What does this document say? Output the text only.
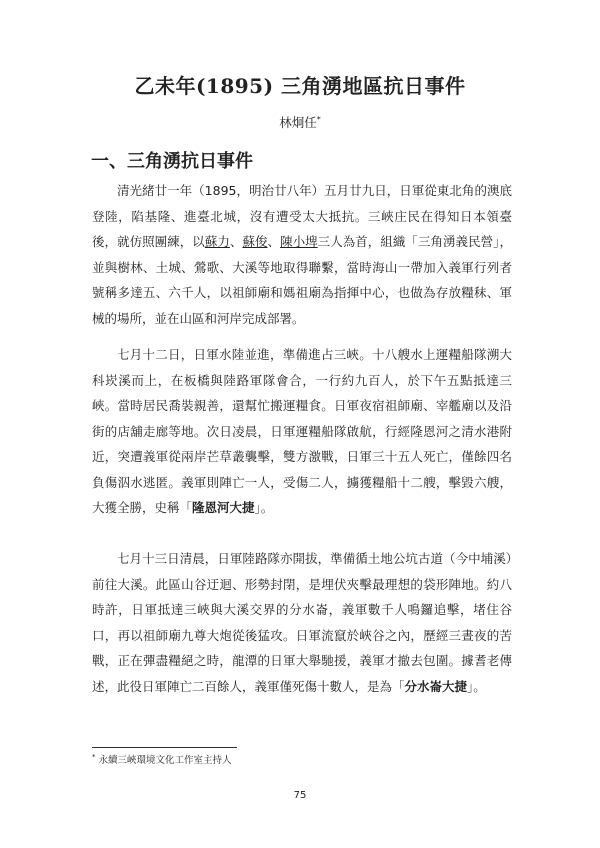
乙未年(1895) 三角湧地區抗日事件
林炯任*
一、三角湧抗日事件

清光緒廿一年（1895，明治廿八年）五月廿九日，日軍從東北角的澳底登陸，陷基隆、進臺北城，沒有遭受太大抵抗。三峽庄民在得知日本領臺後，就仿照團練，以蘇力、蘇俊、陳小埤三人為首，組織「三角湧義民營」，並與樹林、土城、鶯歌、大溪等地取得聯繫，當時海山一帶加入義軍行列者號稱多達五、六千人，以祖師廟和媽祖廟為指揮中心，也做為存放糧秣、軍械的場所，並在山區和河岸完成部署。

七月十二日，日軍水陸並進，準備進占三峽。十八艘水上運糧船隊溯大科崁溪而上，在板橋與陸路軍隊會合，一行約九百人，於下午五點抵達三峽。當時居民喬裝親善，還幫忙搬運糧食。日軍夜宿祖師廟、宰艦廟以及沿街的店舖走廊等地。次日凌晨，日軍運糧船隊啟航，行經隆恩河之清水港附近，突遭義軍從兩岸芒草叢襲擊，雙方激戰，日軍三十五人死亡，僅餘四名負傷泅水逃匿。義軍則陣亡一人，受傷二人，擄獲糧船十二艘，擊毀六艘，大獲全勝，史稱「隆恩河大捷」。

七月十三日清晨，日軍陸路隊亦開拔，準備循土地公坑古道（今中埔溪）前往大溪。此區山谷迂迴、形勢封閉，是埋伏夾擊最理想的袋形陣地。約八時許，日軍抵達三峽與大溪交界的分水崙，義軍數千人鳴鑼追擊，堵住谷口，再以祖師廟九尊大炮從後猛攻。日軍流竄於峽谷之內，歷經三晝夜的苦戰，正在彈盡糧絕之時，龍潭的日軍大舉馳援，義軍才撤去包圍。據耆老傳述，此役日軍陣亡二百餘人，義軍僅死傷十數人，是為「分水崙大捷」。

* 永續三峽環境文化工作室主持人
75
